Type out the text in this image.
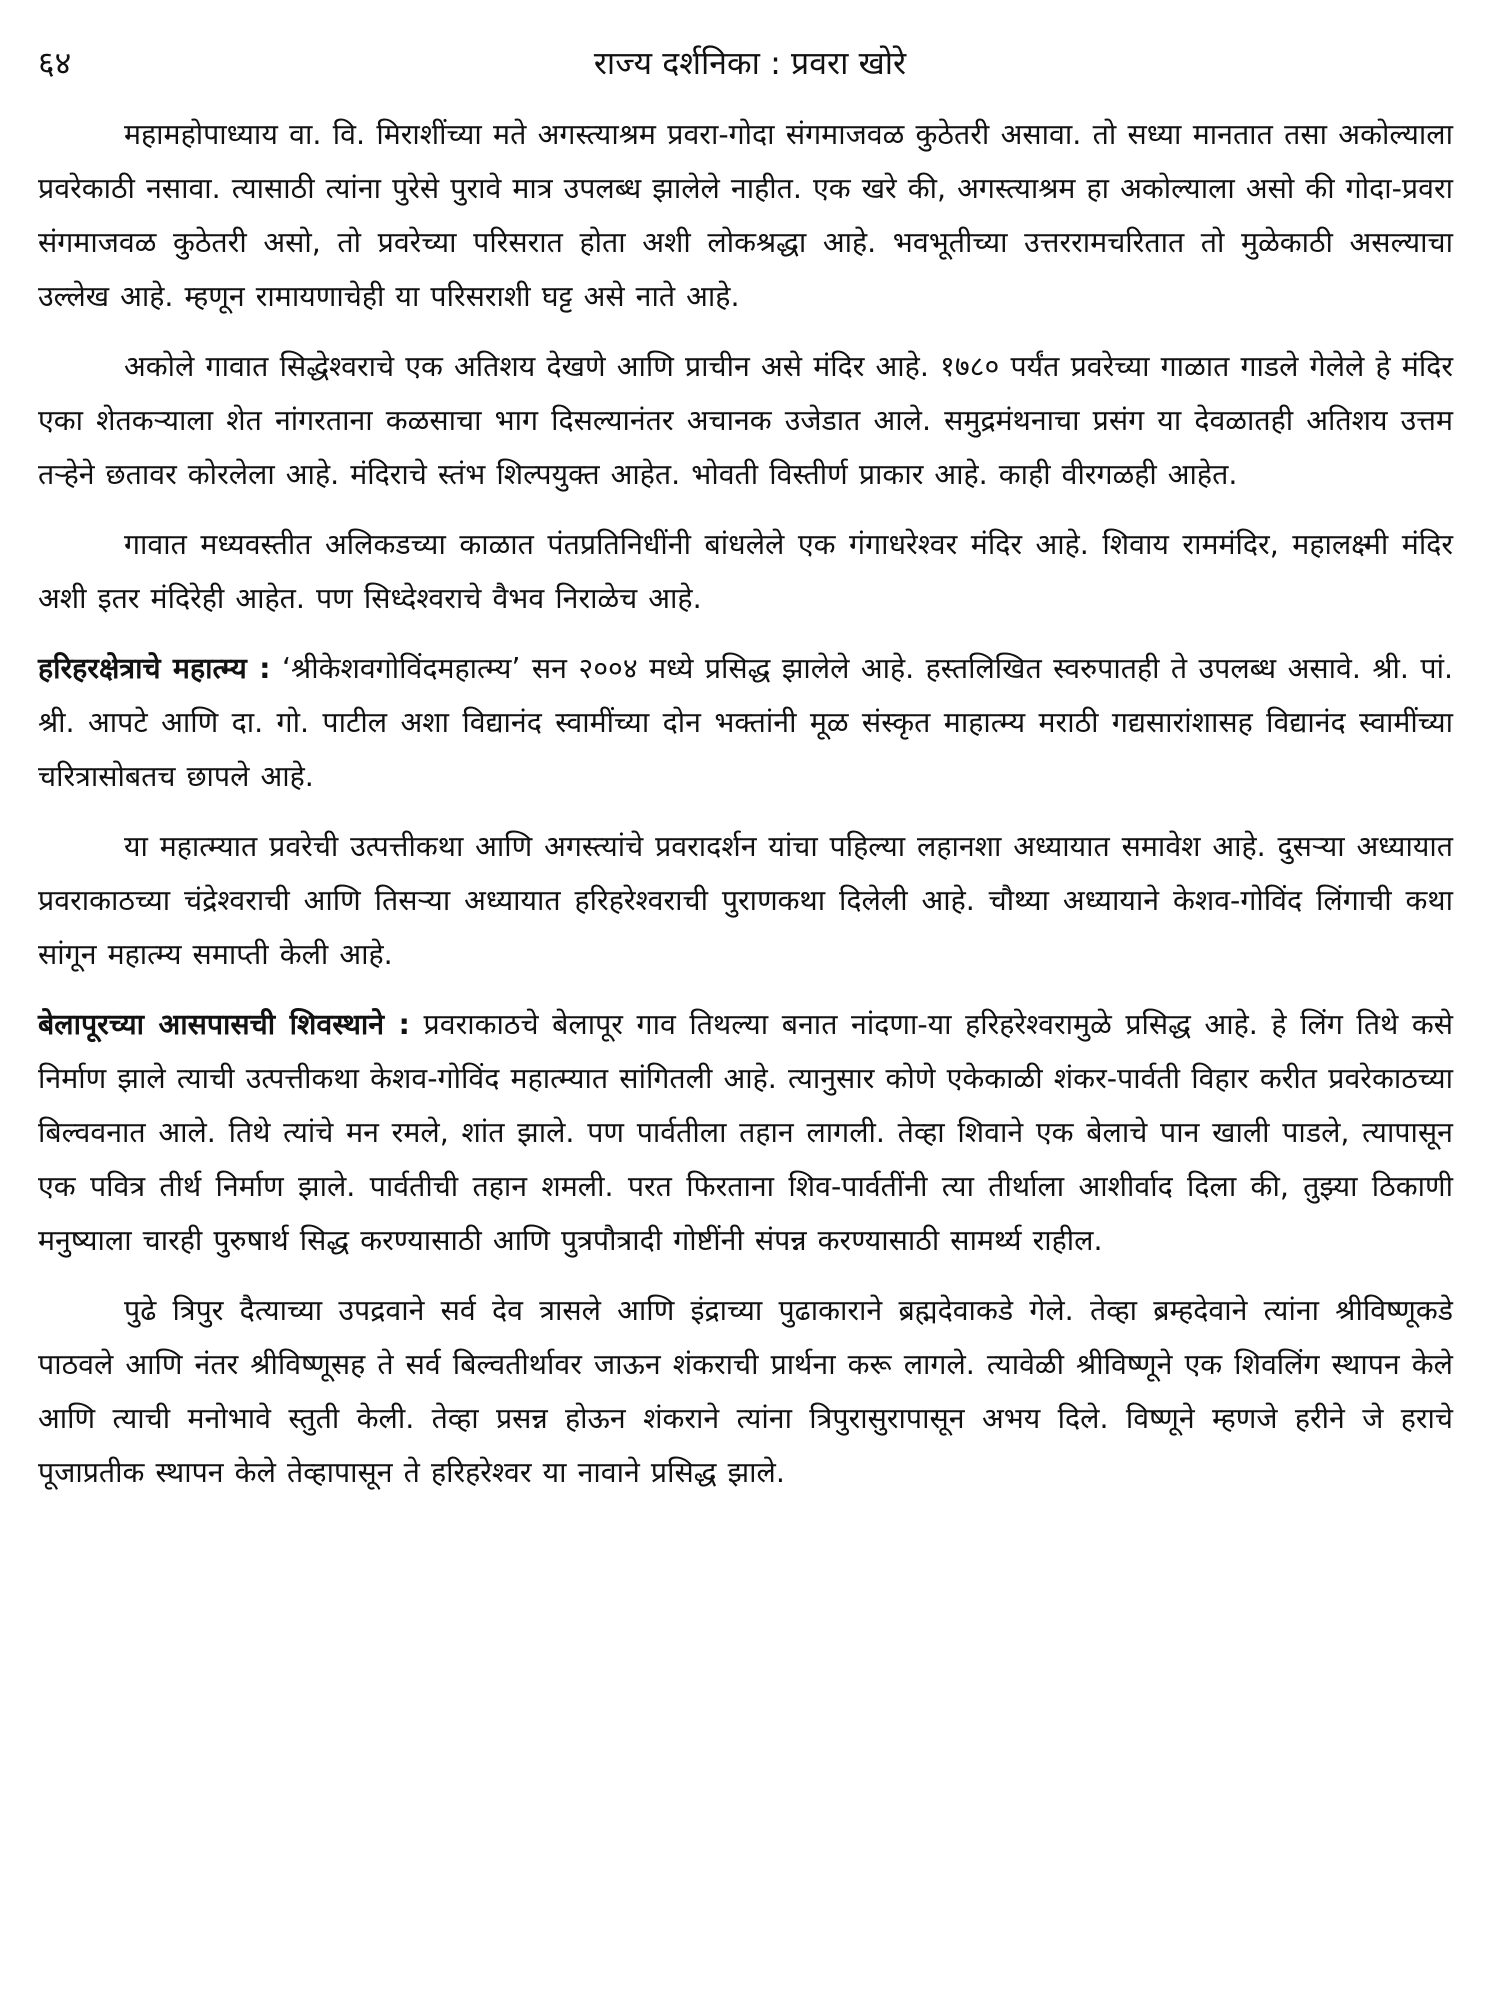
६४	राज्य दर्शनिका : प्रवरा खोरे

महामहोपाध्याय वा. वि. मिराशींच्या मते अगस्त्याश्रम प्रवरा-गोदा संगमाजवळ कुठेतरी असावा. तो सध्या मानतात तसा अकोल्याला प्रवरेकाठी नसावा. त्यासाठी त्यांना पुरेसे पुरावे मात्र उपलब्ध झालेले नाहीत. एक खरे की, अगस्त्याश्रम हा अकोल्याला असो की गोदा-प्रवरा संगमाजवळ कुठेतरी असो, तो प्रवरेच्या परिसरात होता अशी लोकश्रद्धा आहे. भवभूतीच्या उत्तररामचरितात तो मुळेकाठी असल्याचा उल्लेख आहे. म्हणून रामायणाचेही या परिसराशी घट्ट असे नाते आहे.

अकोले गावात सिद्धेश्वराचे एक अतिशय देखणे आणि प्राचीन असे मंदिर आहे. १७८० पर्यंत प्रवरेच्या गाळात गाडले गेलेले हे मंदिर एका शेतकऱ्याला शेत नांगरताना कळसाचा भाग दिसल्यानंतर अचानक उजेडात आले. समुद्रमंथनाचा प्रसंग या देवळातही अतिशय उत्तम तऱ्हेने छतावर कोरलेला आहे. मंदिराचे स्तंभ शिल्पयुक्त आहेत. भोवती विस्तीर्ण प्राकार आहे. काही वीरगळही आहेत.

गावात मध्यवस्तीत अलिकडच्या काळात पंतप्रतिनिधींनी बांधलेले एक गंगाधरेश्वर मंदिर आहे. शिवाय राममंदिर, महालक्ष्मी मंदिर अशी इतर मंदिरेही आहेत. पण सिध्देश्वराचे वैभव निराळेच आहे.

हरिहरक्षेत्राचे महात्म्य : ‘श्रीकेशवगोविंदमहात्म्य’ सन २००४ मध्ये प्रसिद्ध झालेले आहे. हस्तलिखित स्वरुपातही ते उपलब्ध असावे. श्री. पां. श्री. आपटे आणि दा. गो. पाटील अशा विद्यानंद स्वामींच्या दोन भक्तांनी मूळ संस्कृत माहात्म्य मराठी गद्यसारांशासह विद्यानंद स्वामींच्या चरित्रासोबतच छापले आहे.

या महात्म्यात प्रवरेची उत्पत्तीकथा आणि अगस्त्यांचे प्रवरादर्शन यांचा पहिल्या लहानशा अध्यायात समावेश आहे. दुसऱ्या अध्यायात प्रवराकाठच्या चंद्रेश्वराची आणि तिसऱ्या अध्यायात हरिहरेश्वराची पुराणकथा दिलेली आहे. चौथ्या अध्यायाने केशव-गोविंद लिंगाची कथा सांगून महात्म्य समाप्ती केली आहे.

बेलापूरच्या आसपासची शिवस्थाने : प्रवराकाठचे बेलापूर गाव तिथल्या बनात नांदणा-या हरिहरेश्वरामुळे प्रसिद्ध आहे. हे लिंग तिथे कसे निर्माण झाले त्याची उत्पत्तीकथा केशव-गोविंद महात्म्यात सांगितली आहे. त्यानुसार कोणे एकेकाळी शंकर-पार्वती विहार करीत प्रवरेकाठच्या बिल्ववनात आले. तिथे त्यांचे मन रमले, शांत झाले. पण पार्वतीला तहान लागली. तेव्हा शिवाने एक बेलाचे पान खाली पाडले, त्यापासून एक पवित्र तीर्थ निर्माण झाले. पार्वतीची तहान शमली. परत फिरताना शिव-पार्वतींनी त्या तीर्थाला आशीर्वाद दिला की, तुझ्या ठिकाणी मनुष्याला चारही पुरुषार्थ सिद्ध करण्यासाठी आणि पुत्रपौत्रादी गोष्टींनी संपन्न करण्यासाठी सामर्थ्य राहील.

पुढे त्रिपुर दैत्याच्या उपद्रवाने सर्व देव त्रासले आणि इंद्राच्या पुढाकाराने ब्रह्मदेवाकडे गेले. तेव्हा ब्रम्हदेवाने त्यांना श्रीविष्णूकडे पाठवले आणि नंतर श्रीविष्णूसह ते सर्व बिल्वतीर्थावर जाऊन शंकराची प्रार्थना करू लागले. त्यावेळी श्रीविष्णूने एक शिवलिंग स्थापन केले आणि त्याची मनोभावे स्तुती केली. तेव्हा प्रसन्न होऊन शंकराने त्यांना त्रिपुरासुरापासून अभय दिले. विष्णूने म्हणजे हरीने जे हराचे पूजाप्रतीक स्थापन केले तेव्हापासून ते हरिहरेश्वर या नावाने प्रसिद्ध झाले.
